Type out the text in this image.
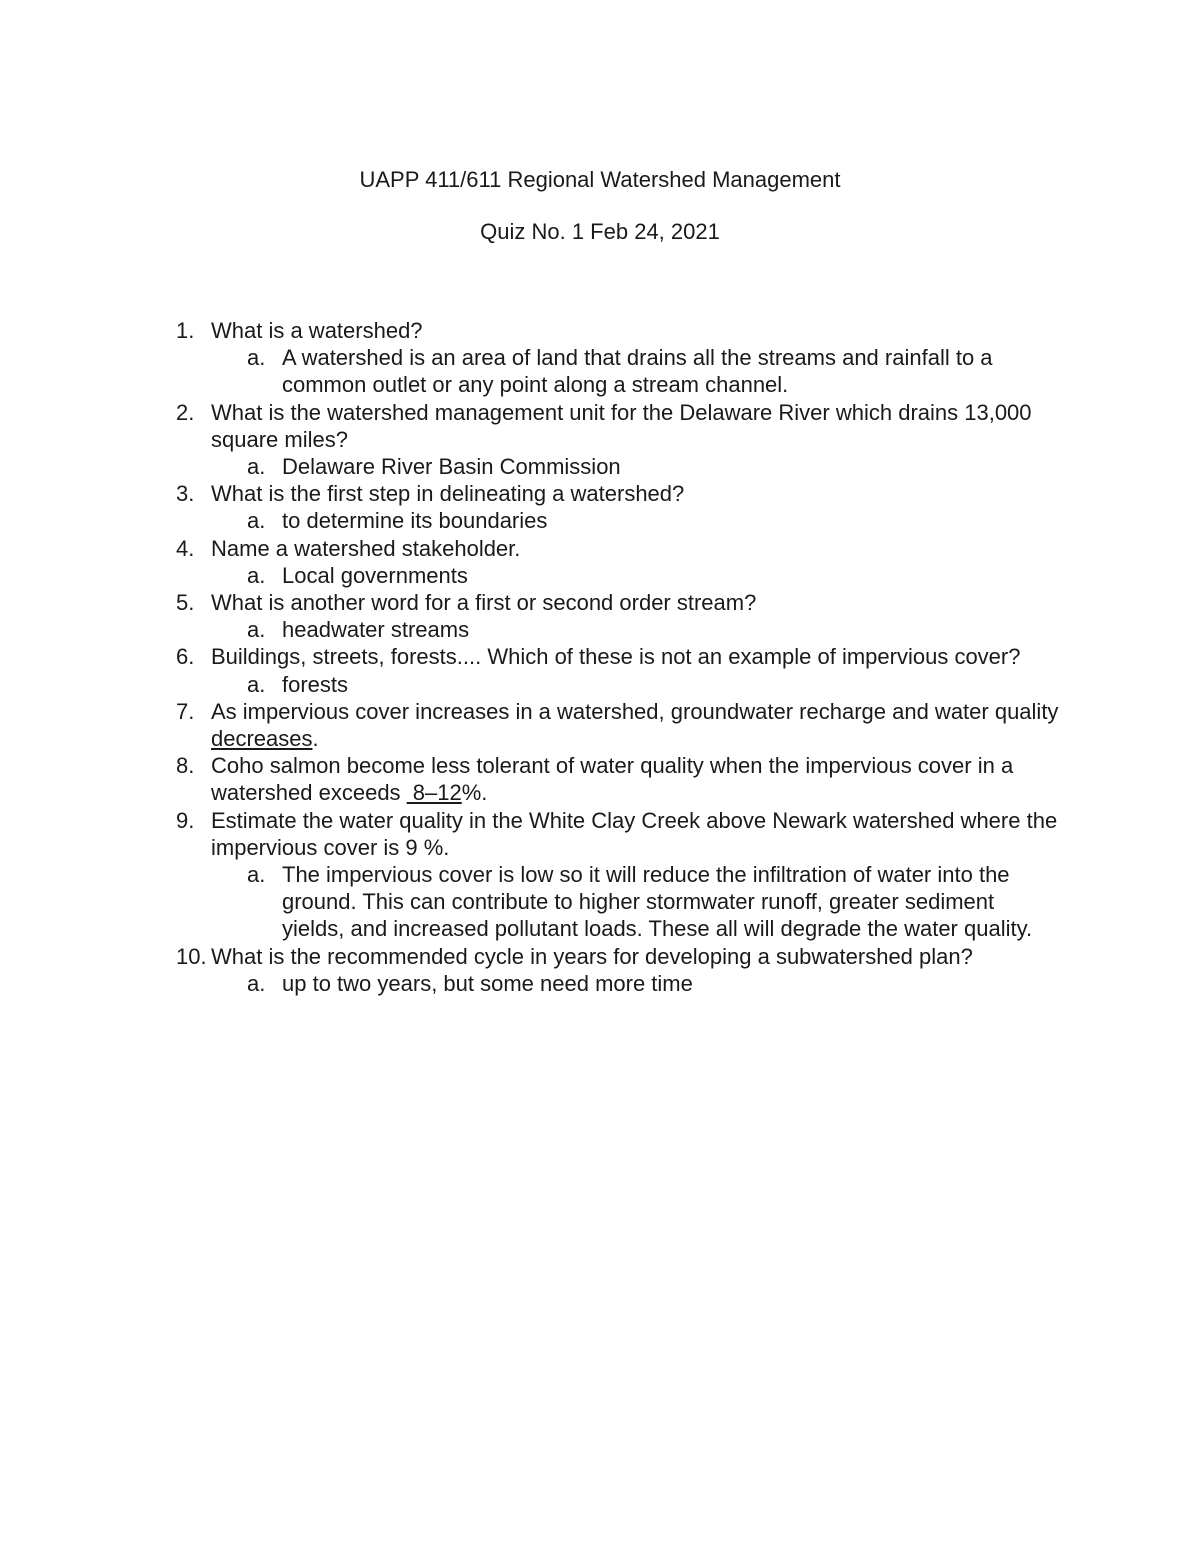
UAPP 411/611 Regional Watershed Management
Quiz No. 1 Feb 24, 2021
1. What is a watershed?
a. A watershed is an area of land that drains all the streams and rainfall to a common outlet or any point along a stream channel.
2. What is the watershed management unit for the Delaware River which drains 13,000 square miles?
a. Delaware River Basin Commission
3. What is the first step in delineating a watershed?
a. to determine its boundaries
4. Name a watershed stakeholder.
a. Local governments
5. What is another word for a first or second order stream?
a. headwater streams
6. Buildings, streets, forests.... Which of these is not an example of impervious cover?
a. forests
7. As impervious cover increases in a watershed, groundwater recharge and water quality decreases.
8. Coho salmon become less tolerant of water quality when the impervious cover in a watershed exceeds  8–12%.
9. Estimate the water quality in the White Clay Creek above Newark watershed where the impervious cover is 9 %.
a. The impervious cover is low so it will reduce the infiltration of water into the ground. This can contribute to higher stormwater runoff, greater sediment yields, and increased pollutant loads. These all will degrade the water quality.
10. What is the recommended cycle in years for developing a subwatershed plan?
a. up to two years, but some need more time
